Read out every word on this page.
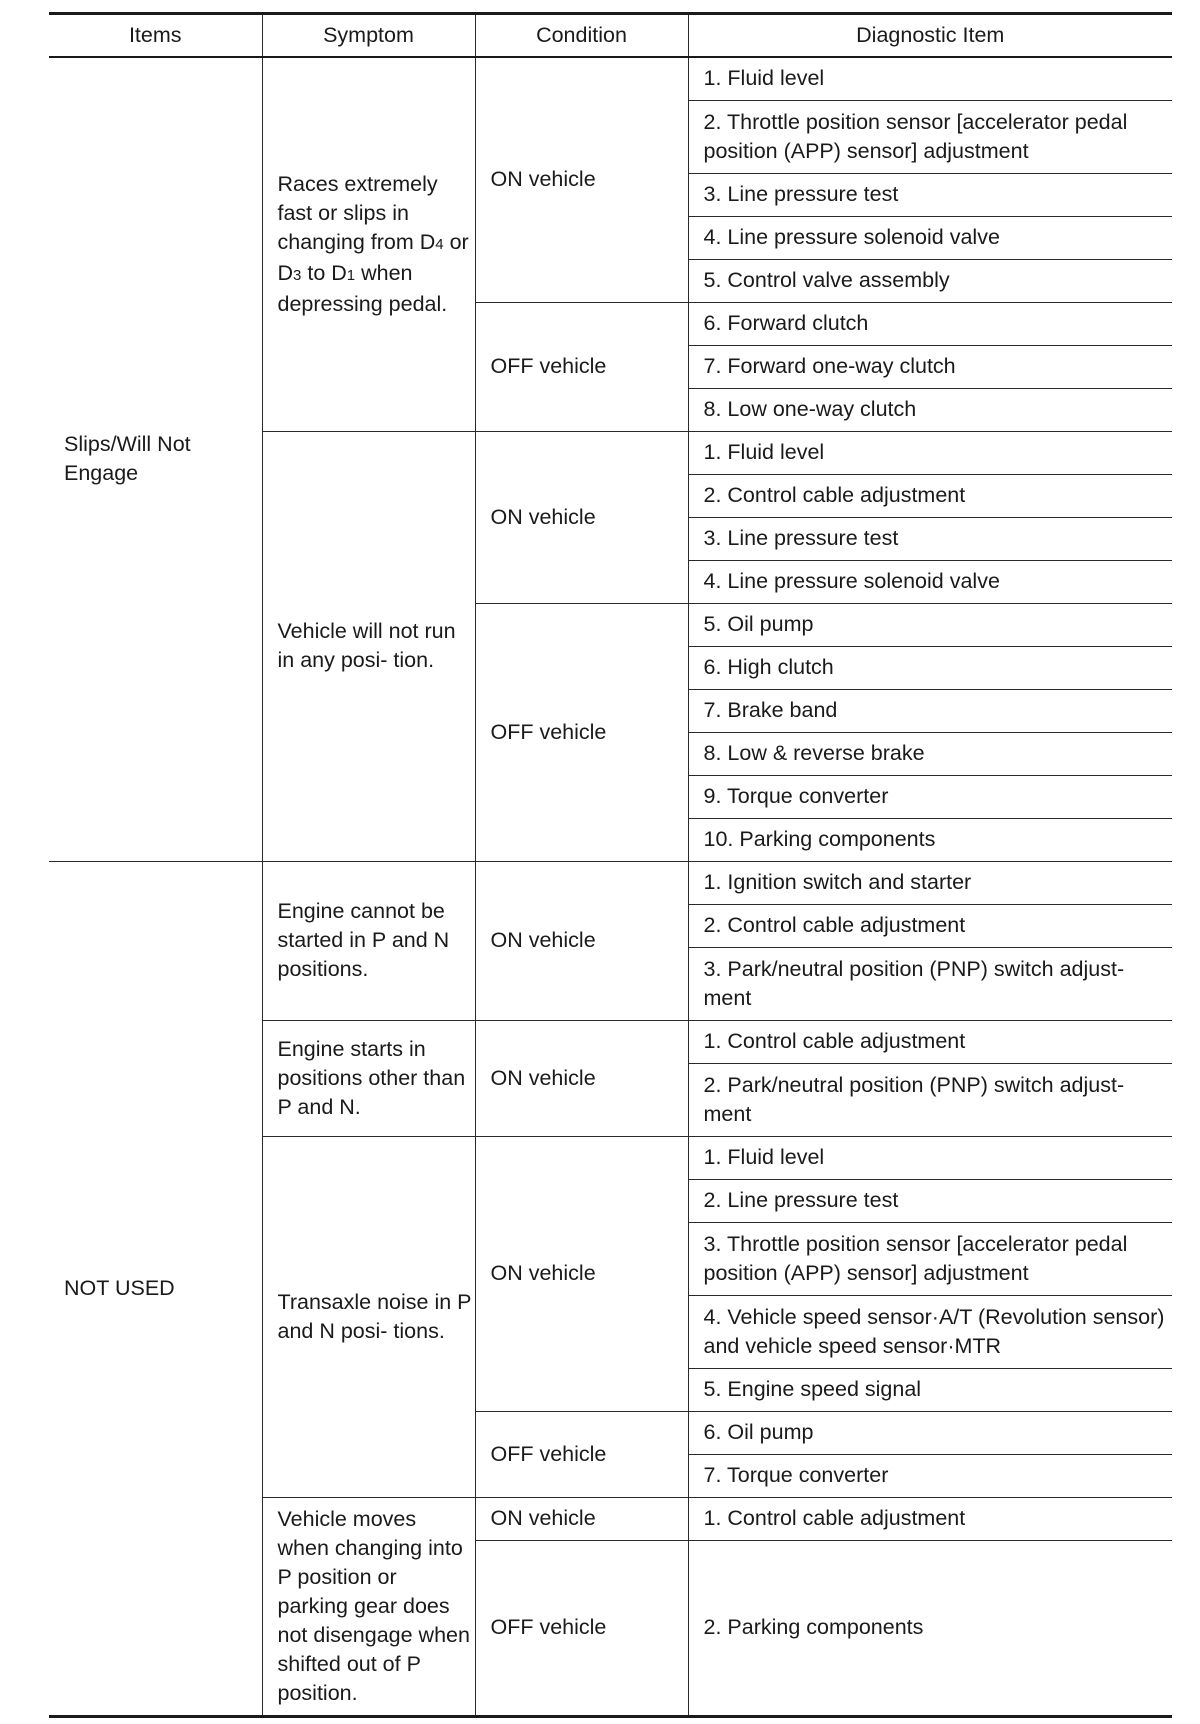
Items	Symptom	Condition	Diagnostic Item
Slips/Will Not Engage	Races extremely fast or slips in changing from D4 or D3 to D1 when depressing pedal.	ON vehicle	1. Fluid level
			2. Throttle position sensor [accelerator pedal position (APP) sensor] adjustment
			3. Line pressure test
			4. Line pressure solenoid valve
			5. Control valve assembly
		OFF vehicle	6. Forward clutch
			7. Forward one-way clutch
			8. Low one-way clutch
	Vehicle will not run in any posi- tion.	ON vehicle	1. Fluid level
			2. Control cable adjustment
			3. Line pressure test
			4. Line pressure solenoid valve
		OFF vehicle	5. Oil pump
			6. High clutch
			7. Brake band
			8. Low & reverse brake
			9. Torque converter
			10. Parking components
NOT USED	Engine cannot be started in P and N positions.	ON vehicle	1. Ignition switch and starter
			2. Control cable adjustment
			3. Park/neutral position (PNP) switch adjust- ment
	Engine starts in positions other than P and N.	ON vehicle	1. Control cable adjustment
			2. Park/neutral position (PNP) switch adjust- ment
	Transaxle noise in P and N posi- tions.	ON vehicle	1. Fluid level
			2. Line pressure test
			3. Throttle position sensor [accelerator pedal position (APP) sensor] adjustment
			4. Vehicle speed sensor·A/T (Revolution sensor) and vehicle speed sensor·MTR
			5. Engine speed signal
		OFF vehicle	6. Oil pump
			7. Torque converter
	Vehicle moves when changing into P position or parking gear does not disengage when shifted out of P position.	ON vehicle	1. Control cable adjustment
		OFF vehicle	2. Parking components
